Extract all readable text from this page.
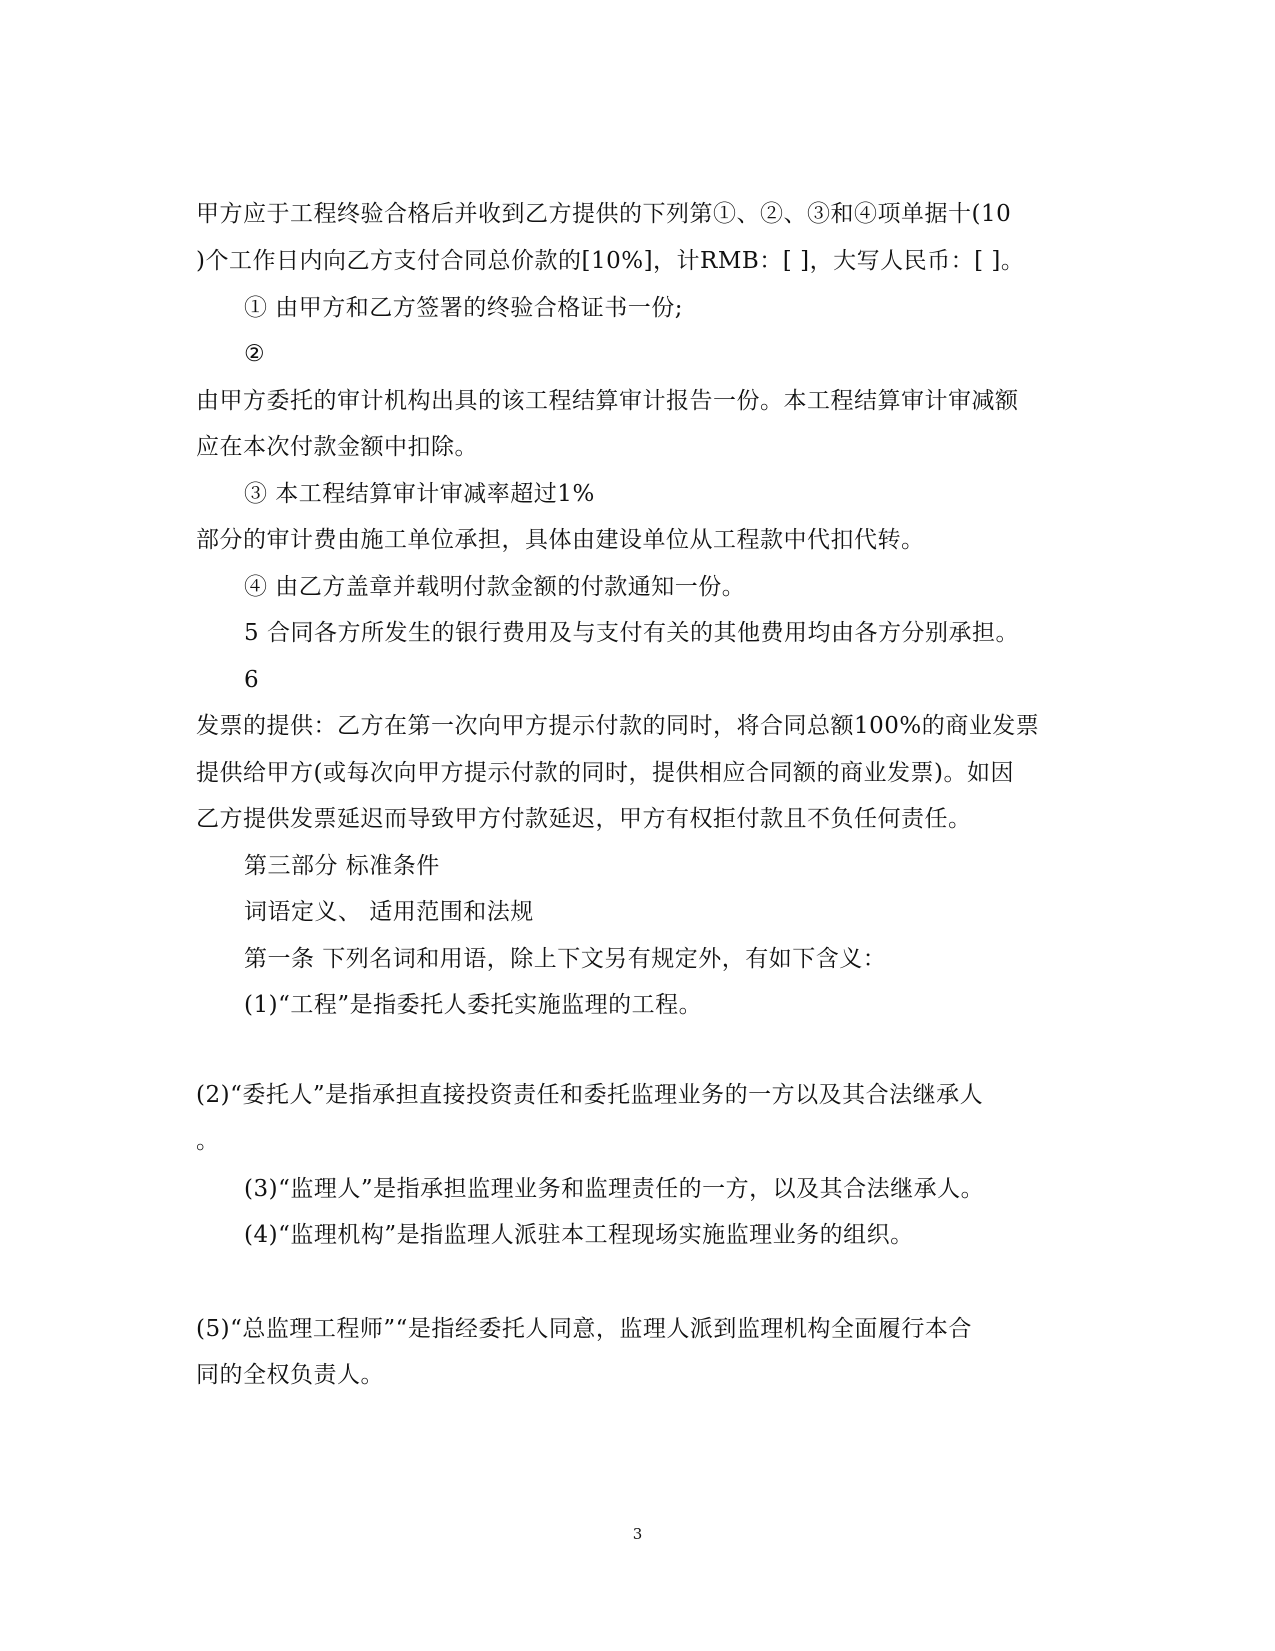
甲方应于工程终验合格后并收到乙方提供的下列第①、②、③和④项单据十(10
)个工作日内向乙方支付合同总价款的[10%]，计RMB：[ ]，大写人民币：[ ]。
① 由甲方和乙方签署的终验合格证书一份;
②
由甲方委托的审计机构出具的该工程结算审计报告一份。本工程结算审计审减额
应在本次付款金额中扣除。
③ 本工程结算审计审减率超过1%
部分的审计费由施工单位承担，具体由建设单位从工程款中代扣代转。
④ 由乙方盖章并载明付款金额的付款通知一份。
5 合同各方所发生的银行费用及与支付有关的其他费用均由各方分别承担。
6
发票的提供：乙方在第一次向甲方提示付款的同时，将合同总额100%的商业发票
提供给甲方(或每次向甲方提示付款的同时，提供相应合同额的商业发票)。如因
乙方提供发票延迟而导致甲方付款延迟，甲方有权拒付款且不负任何责任。
第三部分 标准条件
词语定义、 适用范围和法规
第一条 下列名词和用语，除上下文另有规定外，有如下含义：
(1)“工程”是指委托人委托实施监理的工程。
(2)“委托人”是指承担直接投资责任和委托监理业务的一方以及其合法继承人
。
(3)“监理人”是指承担监理业务和监理责任的一方，以及其合法继承人。
(4)“监理机构”是指监理人派驻本工程现场实施监理业务的组织。
(5)“总监理工程师”“是指经委托人同意，监理人派到监理机构全面履行本合
同的全权负责人。
3
